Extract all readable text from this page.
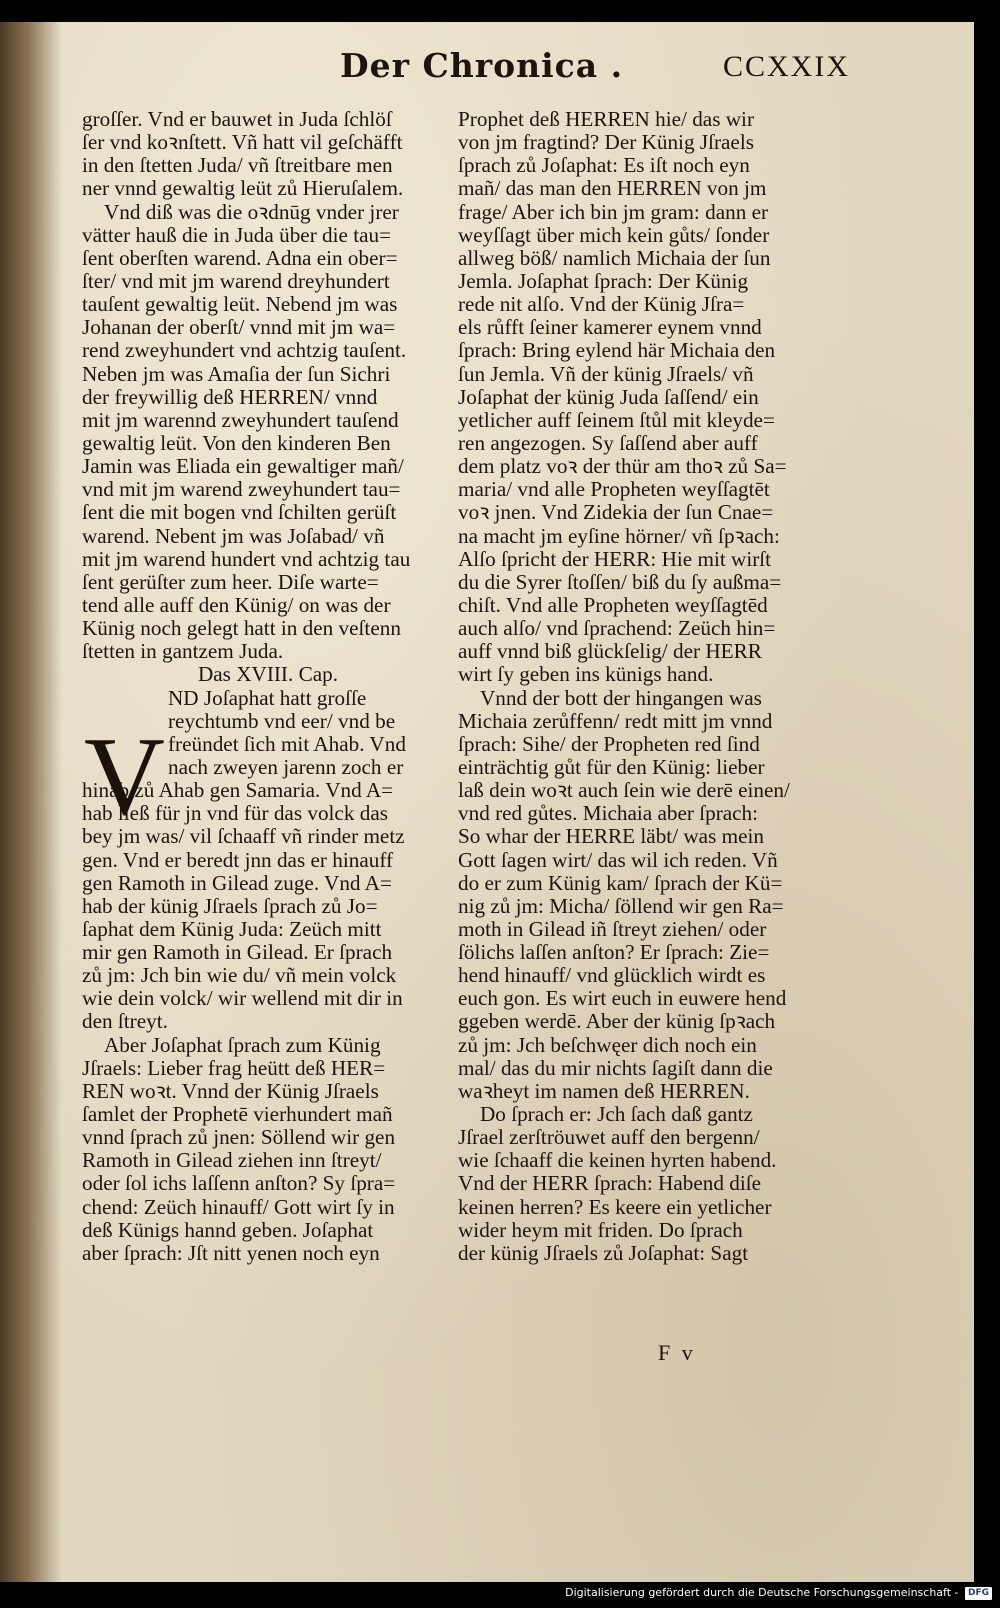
Der Chronica .	CCXXIX
V
groſſer. Vnd er bauwet in Juda ſchlöſ
ſer vnd koꝛnſtett. Vñ hatt vil geſchäfft
in den ſtetten Juda/ vñ ſtreitbare men
ner vnnd gewaltig leüt zů Hieruſalem.
Vnd diß was die oꝛdnūg vnder jrer
vätter hauß die in Juda über die tau=
ſent oberſten warend. Adna ein ober=
ſter/ vnd mit jm warend dreyhundert
tauſent gewaltig leüt. Nebend jm was
Johanan der oberſt/ vnnd mit jm wa=
rend zweyhundert vnd achtzig tauſent.
Neben jm was Amaſia der ſun Sichri
der freywillig deß HERREN/ vnnd
mit jm warennd zweyhundert tauſend
gewaltig leüt. Von den kinderen Ben
Jamin was Eliada ein gewaltiger mañ/
vnd mit jm warend zweyhundert tau=
ſent die mit bogen vnd ſchilten gerüſt
warend. Nebent jm was Joſabad/ vñ
mit jm warend hundert vnd achtzig tau
ſent gerüſter zum heer. Diſe warte=
tend alle auff den Künig/ on was der
Künig noch gelegt hatt in den veſtenn
ſtetten in gantzem Juda.
Das XVIII. Cap.
ND Joſaphat hatt groſſe
reychtumb vnd eer/ vnd be
freündet ſich mit Ahab. Vnd
nach zweyen jarenn zoch er
hinab zů Ahab gen Samaria. Vnd A=
hab ließ für jn vnd für das volck das
bey jm was/ vil ſchaaff vñ rinder metz
gen. Vnd er beredt jnn das er hinauff
gen Ramoth in Gilead zuge. Vnd A=
hab der künig Jſraels ſprach zů Jo=
ſaphat dem Künig Juda: Zeüch mitt
mir gen Ramoth in Gilead. Er ſprach
zů jm: Jch bin wie du/ vñ mein volck
wie dein volck/ wir wellend mit dir in
den ſtreyt.
Aber Joſaphat ſprach zum Künig
Jſraels: Lieber frag heütt deß HER=
REN woꝛt. Vnnd der Künig Jſraels
ſamlet der Prophetē vierhundert mañ
vnnd ſprach zů jnen: Söllend wir gen
Ramoth in Gilead ziehen inn ſtreyt/
oder ſol ichs laſſenn anſton? Sy ſpra=
chend: Zeüch hinauff/ Gott wirt ſy in
deß Künigs hannd geben. Joſaphat
aber ſprach: Jſt nitt yenen noch eyn
Prophet deß HERREN hie/ das wir
von jm fragtind? Der Künig Jſraels
ſprach zů Joſaphat: Es iſt noch eyn
mañ/ das man den HERREN von jm
frage/ Aber ich bin jm gram: dann er
weyſſagt über mich kein gůts/ ſonder
allweg böß/ namlich Michaia der ſun
Jemla. Joſaphat ſprach: Der Künig
rede nit alſo. Vnd der Künig Jſra=
els růfft ſeiner kamerer eynem vnnd
ſprach: Bring eylend här Michaia den
ſun Jemla. Vñ der künig Jſraels/ vñ
Joſaphat der künig Juda ſaſſend/ ein
yetlicher auff ſeinem ſtůl mit kleyde=
ren angezogen. Sy ſaſſend aber auff
dem platz voꝛ der thür am thoꝛ zů Sa=
maria/ vnd alle Propheten weyſſagtēt
voꝛ jnen. Vnd Zidekia der ſun Cnae=
na macht jm eyſine hörner/ vñ ſpꝛach:
Alſo ſpricht der HERR: Hie mit wirſt
du die Syrer ſtoſſen/ biß du ſy außma=
chiſt. Vnd alle Propheten weyſſagtēd
auch alſo/ vnd ſprachend: Zeüch hin=
auff vnnd biß glückſelig/ der HERR
wirt ſy geben ins künigs hand.
Vnnd der bott der hingangen was
Michaia zerůffenn/ redt mitt jm vnnd
ſprach: Sihe/ der Propheten red ſind
einträchtig gůt für den Künig: lieber
laß dein woꝛt auch ſein wie derē einen/
vnd red gůtes. Michaia aber ſprach:
So whar der HERRE läbt/ was mein
Gott ſagen wirt/ das wil ich reden. Vñ
do er zum Künig kam/ ſprach der Kü=
nig zů jm: Micha/ ſöllend wir gen Ra=
moth in Gilead iñ ſtreyt ziehen/ oder
ſölichs laſſen anſton? Er ſprach: Zie=
hend hinauff/ vnd glücklich wirdt es
euch gon. Es wirt euch in euwere hend
ggeben werdē. Aber der künig ſpꝛach
zů jm: Jch beſchwęer dich noch ein
mal/ das du mir nichts ſagiſt dann die
waꝛheyt im namen deß HERREN.
Do ſprach er: Jch ſach daß gantz
Jſrael zerſtröuwet auff den bergenn/
wie ſchaaff die keinen hyrten habend.
Vnd der HERR ſprach: Habend diſe
keinen herren? Es keere ein yetlicher
wider heym mit friden. Do ſprach
der künig Jſraels zů Joſaphat: Sagt
F v
Digitalisierung gefördert durch die Deutsche Forschungsgemeinschaft - DFG
